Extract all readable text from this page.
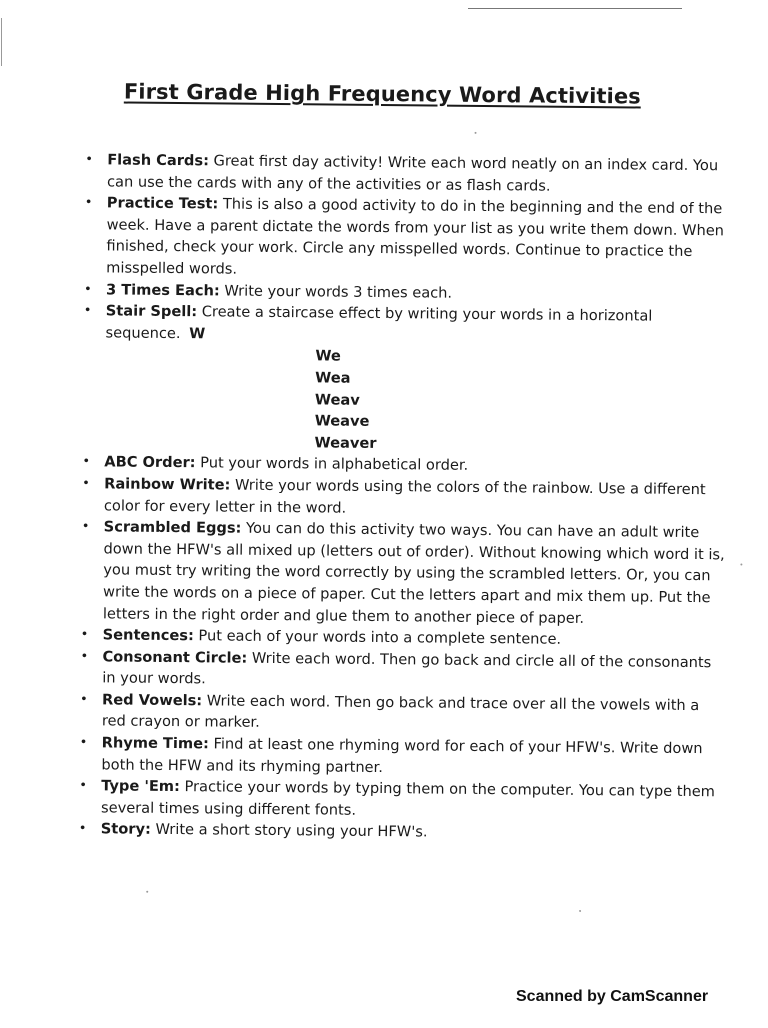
First Grade High Frequency Word Activities
• Flash Cards: Great first day activity! Write each word neatly on an index card. You can use the cards with any of the activities or as flash cards.
• Practice Test: This is also a good activity to do in the beginning and the end of the week. Have a parent dictate the words from your list as you write them down. When finished, check your work. Circle any misspelled words. Continue to practice the misspelled words.
• 3 Times Each: Write your words 3 times each.
• Stair Spell: Create a staircase effect by writing your words in a horizontal sequence. W
We
Wea
Weav
Weave
Weaver
• ABC Order: Put your words in alphabetical order.
• Rainbow Write: Write your words using the colors of the rainbow. Use a different color for every letter in the word.
• Scrambled Eggs: You can do this activity two ways. You can have an adult write down the HFW's all mixed up (letters out of order). Without knowing which word it is, you must try writing the word correctly by using the scrambled letters. Or, you can write the words on a piece of paper. Cut the letters apart and mix them up. Put the letters in the right order and glue them to another piece of paper.
• Sentences: Put each of your words into a complete sentence.
• Consonant Circle: Write each word. Then go back and circle all of the consonants in your words.
• Red Vowels: Write each word. Then go back and trace over all the vowels with a red crayon or marker.
• Rhyme Time: Find at least one rhyming word for each of your HFW's. Write down both the HFW and its rhyming partner.
• Type 'Em: Practice your words by typing them on the computer. You can type them several times using different fonts.
• Story: Write a short story using your HFW's.
Scanned by CamScanner
